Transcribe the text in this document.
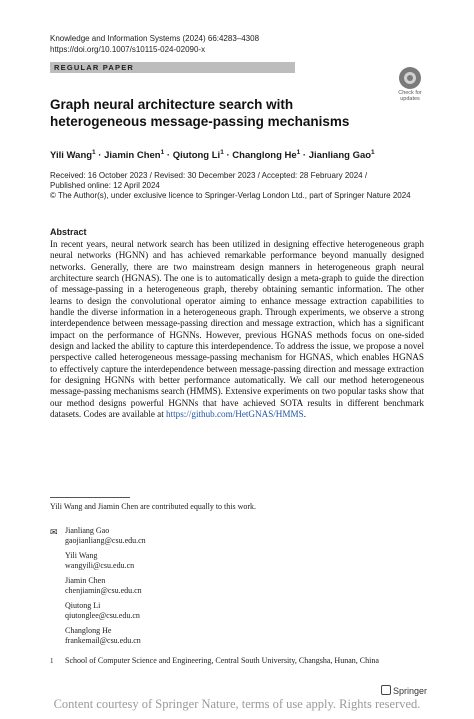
Knowledge and Information Systems (2024) 66:4283–4308
https://doi.org/10.1007/s10115-024-02090-x
REGULAR PAPER
Check for
updates
Graph neural architecture search with heterogeneous message-passing mechanisms
Yili Wang$^1$ · Jiamin Chen$^1$ · Qiutong $Li^1$ · Changlong $He^1$ · Jianliang Gao$^1$
Received: 16 October 2023 / Revised: 30 December 2023 / Accepted: 28 February 2024 /
Published online: 12 April 2024
© The Author(s), under exclusive licence to Springer-Verlag London Ltd., part of Springer Nature 2024
Abstract
In recent years, neural network search has been utilized in designing effective heterogeneous graph neural networks (HGNN) and has achieved remarkable performance beyond manually designed networks. Generally, there are two mainstream design manners in heterogeneous graph neural architecture search (HGNAS). The one is to automatically design a meta-graph to guide the direction of message-passing in a heterogeneous graph, thereby obtaining semantic information. The other learns to design the convolutional operator aiming to enhance message extraction capabilities to handle the diverse information in a heterogeneous graph. Through experiments, we observe a strong interdependence between message-passing direction and message extraction, which has a significant impact on the performance of HGNNs. However, previous HGNAS methods focus on one-sided design and lacked the ability to capture this interdependence. To address the issue, we propose a novel perspective called heterogeneous message-passing mechanism for HGNAS, which enables HGNAS to effectively capture the interdependence between message-passing direction and message extraction for designing HGNNs with better performance automatically. We call our method heterogeneous message-passing mechanisms search (HMMS). Extensive experiments on two popular tasks show that our method designs powerful HGNNs that have achieved SOTA results in different benchmark datasets. Codes are available at https://github.com/HetGNAS/HMMS.
Yili Wang and Jiamin Chen are contributed equally to this work.
✉ Jianliang Gao
gaojianliang@csu.edu.cn
Yili Wang
wangyili@csu.edu.cn
Jiamin Chen
chenjiamin@csu.edu.cn
Qiutong Li
qiutonglee@csu.edu.cn
Changlong He
frankemail@csu.edu.cn
1 School of Computer Science and Engineering, Central South University, Changsha, Hunan, China
Springer
Content courtesy of Springer Nature, terms of use apply. Rights reserved.
